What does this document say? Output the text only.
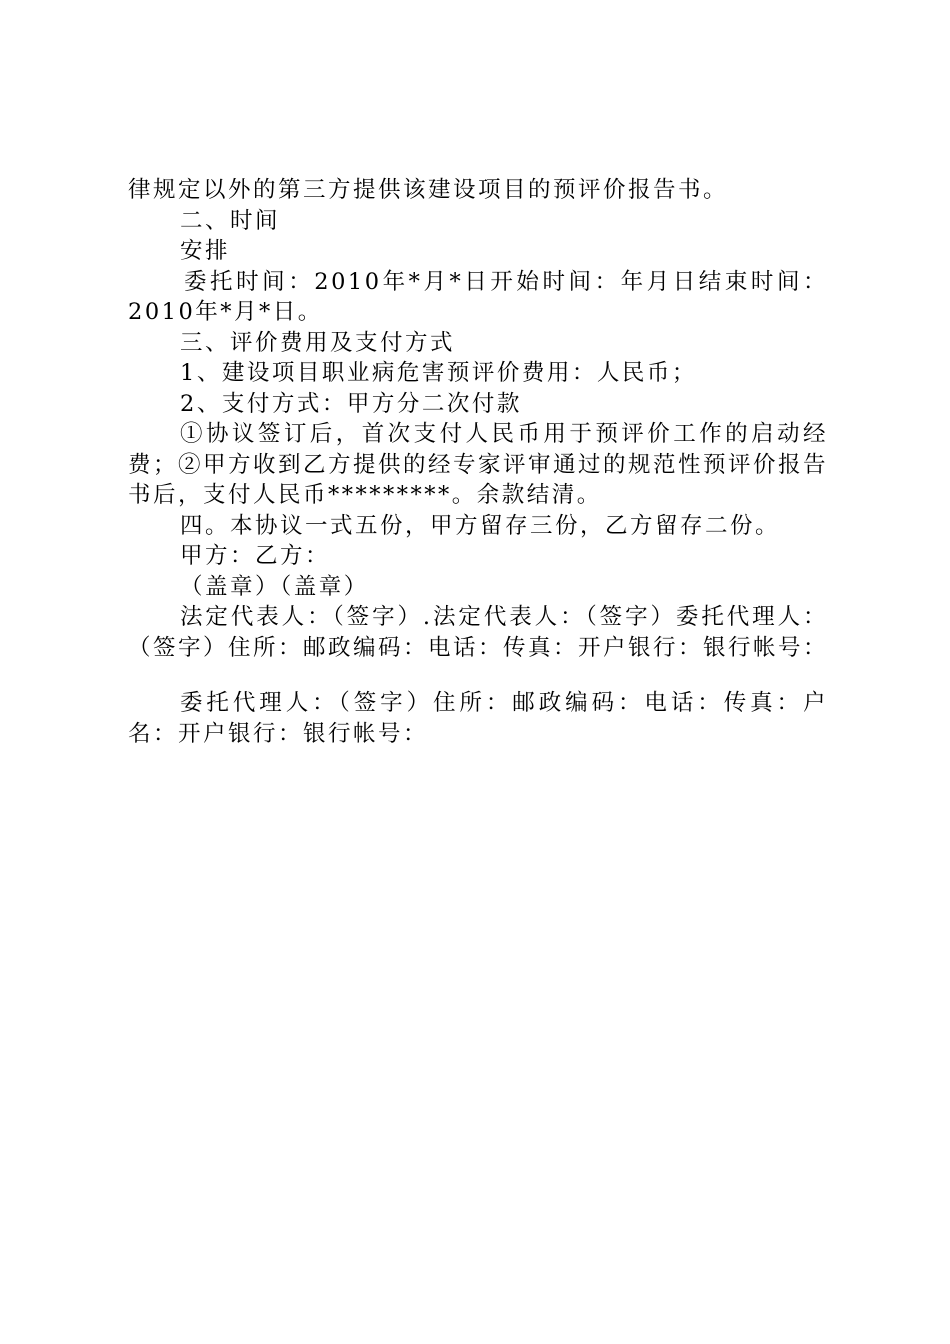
律规定以外的第三方提供该建设项目的预评价报告书。

二、时间

安排

委托时间：2010年*月*日开始时间：年月日结束时间：2010年*月*日。

三、评价费用及支付方式

1、建设项目职业病危害预评价费用：人民币；

2、支付方式：甲方分二次付款

①协议签订后，首次支付人民币用于预评价工作的启动经费；②甲方收到乙方提供的经专家评审通过的规范性预评价报告书后，支付人民币*********。余款结清。

四。本协议一式五份，甲方留存三份，乙方留存二份。

甲方：乙方：

（盖章）（盖章）

法定代表人：（签字）.法定代表人：（签字）委托代理人：（签字）住所：邮政编码：电话：传真：开户银行：银行帐号：

委托代理人：（签字）住所：邮政编码：电话：传真：户名：开户银行：银行帐号：
